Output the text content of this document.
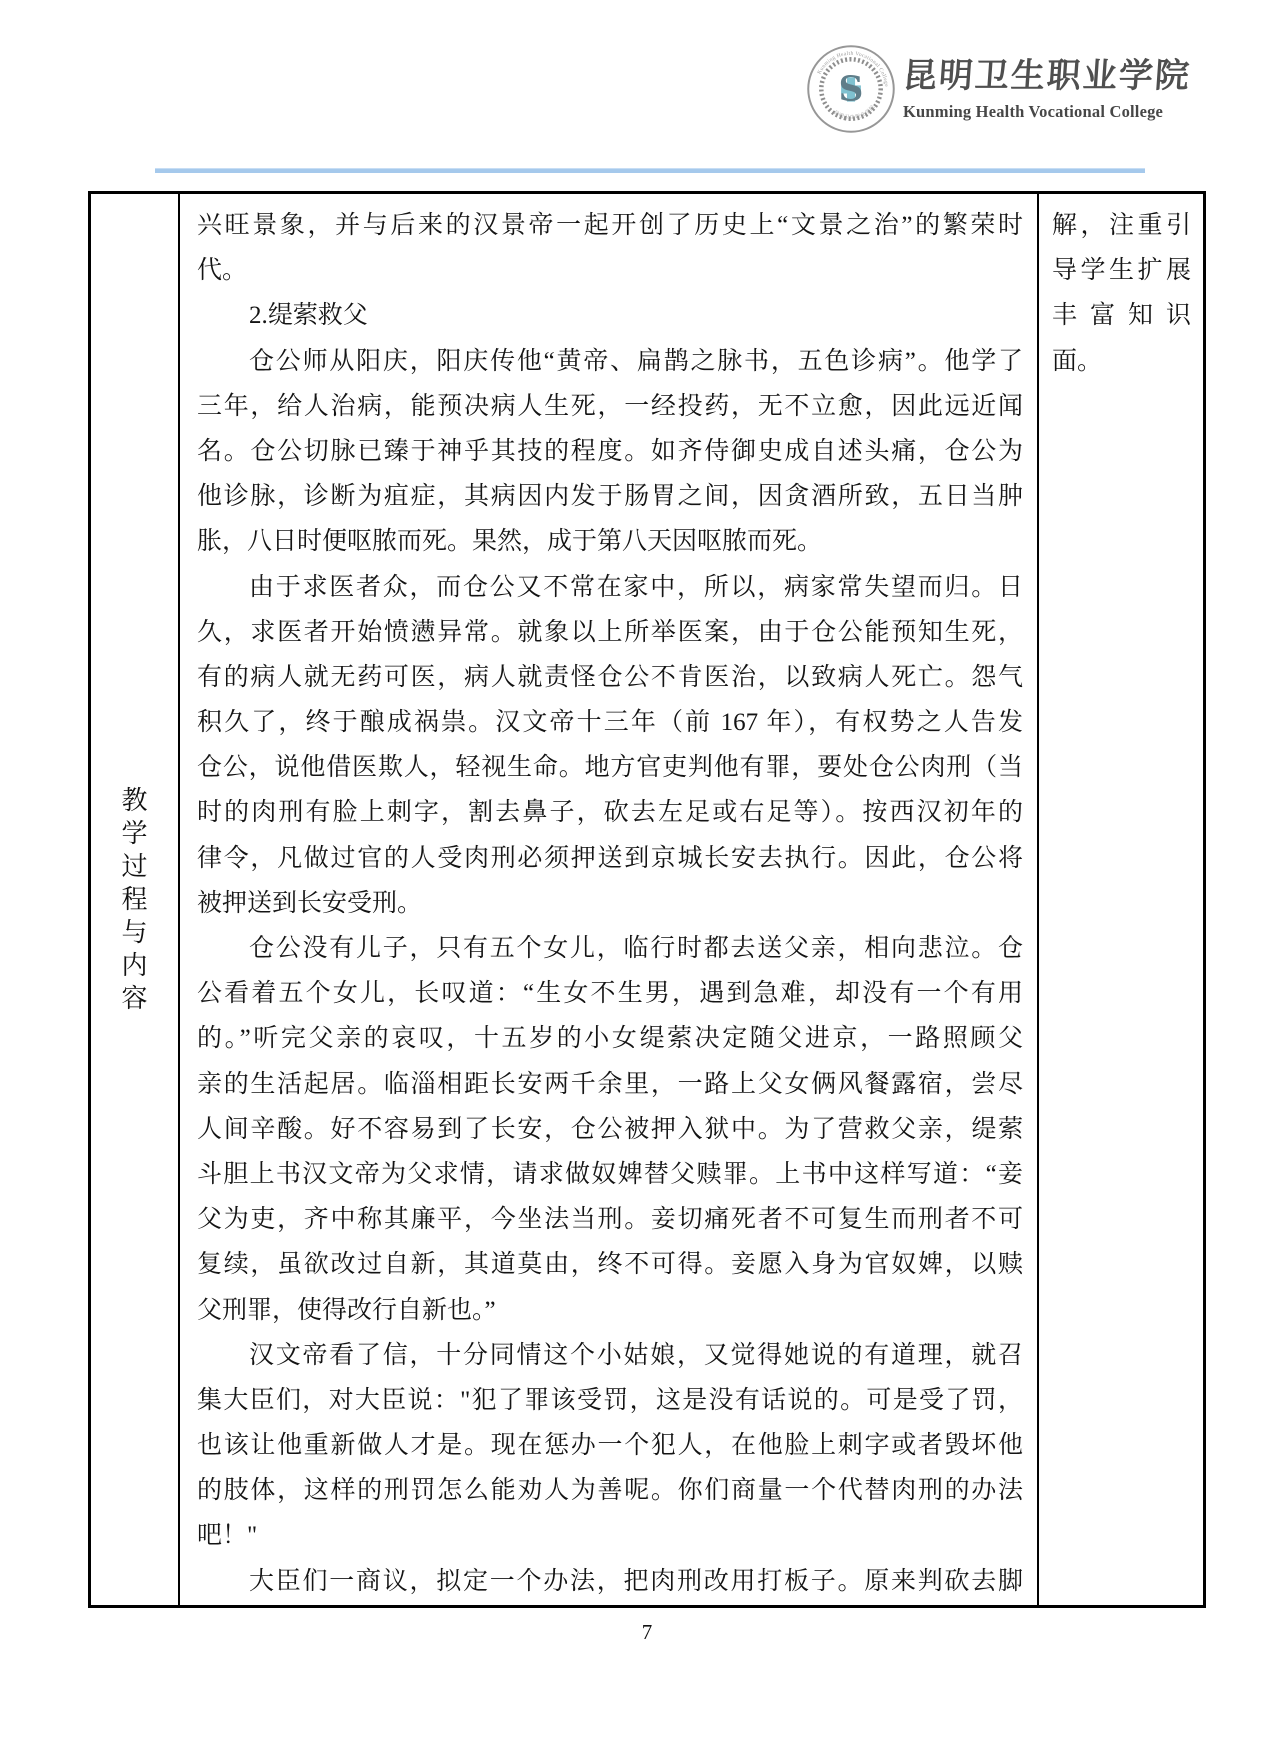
Kunming Health Vocational College
S
昆明卫生职业学院
昆明卫生职业学院
Kunming Health Vocational College
教
学
过
程
与
内
容
兴旺景象，并与后来的汉景帝一起开创了历史上“文景之治”的繁荣时
代。
2.缇萦救父
仓公师从阳庆，阳庆传他“黄帝、扁鹊之脉书，五色诊病”。他学了
三年，给人治病，能预决病人生死，一经投药，无不立愈，因此远近闻
名。仓公切脉已臻于神乎其技的程度。如齐侍御史成自述头痛，仓公为
他诊脉，诊断为疽症，其病因内发于肠胃之间，因贪酒所致，五日当肿
胀，八日时便呕脓而死。果然，成于第八天因呕脓而死。
由于求医者众，而仓公又不常在家中，所以，病家常失望而归。日
久，求医者开始愤懑异常。就象以上所举医案，由于仓公能预知生死，
有的病人就无药可医，病人就责怪仓公不肯医治，以致病人死亡。怨气
积久了，终于酿成祸祟。汉文帝十三年（前 167 年），有权势之人告发
仓公，说他借医欺人，轻视生命。地方官吏判他有罪，要处仓公肉刑（当
时的肉刑有脸上刺字，割去鼻子，砍去左足或右足等）。按西汉初年的
律令，凡做过官的人受肉刑必须押送到京城长安去执行。因此，仓公将
被押送到长安受刑。
仓公没有儿子，只有五个女儿，临行时都去送父亲，相向悲泣。仓
公看着五个女儿，长叹道：“生女不生男，遇到急难，却没有一个有用
的。”听完父亲的哀叹，十五岁的小女缇萦决定随父进京，一路照顾父
亲的生活起居。临淄相距长安两千余里，一路上父女俩风餐露宿，尝尽
人间辛酸。好不容易到了长安，仓公被押入狱中。为了营救父亲，缇萦
斗胆上书汉文帝为父求情，请求做奴婢替父赎罪。上书中这样写道：“妾
父为吏，齐中称其廉平，今坐法当刑。妾切痛死者不可复生而刑者不可
复续，虽欲改过自新，其道莫由，终不可得。妾愿入身为官奴婢，以赎
父刑罪，使得改行自新也。”
汉文帝看了信，十分同情这个小姑娘，又觉得她说的有道理，就召
集大臣们，对大臣说："犯了罪该受罚，这是没有话说的。可是受了罚，
也该让他重新做人才是。现在惩办一个犯人，在他脸上刺字或者毁坏他
的肢体，这样的刑罚怎么能劝人为善呢。你们商量一个代替肉刑的办法
吧！"
大臣们一商议，拟定一个办法，把肉刑改用打板子。原来判砍去脚
解，注重引
导学生扩展
丰富知识
面。
7
